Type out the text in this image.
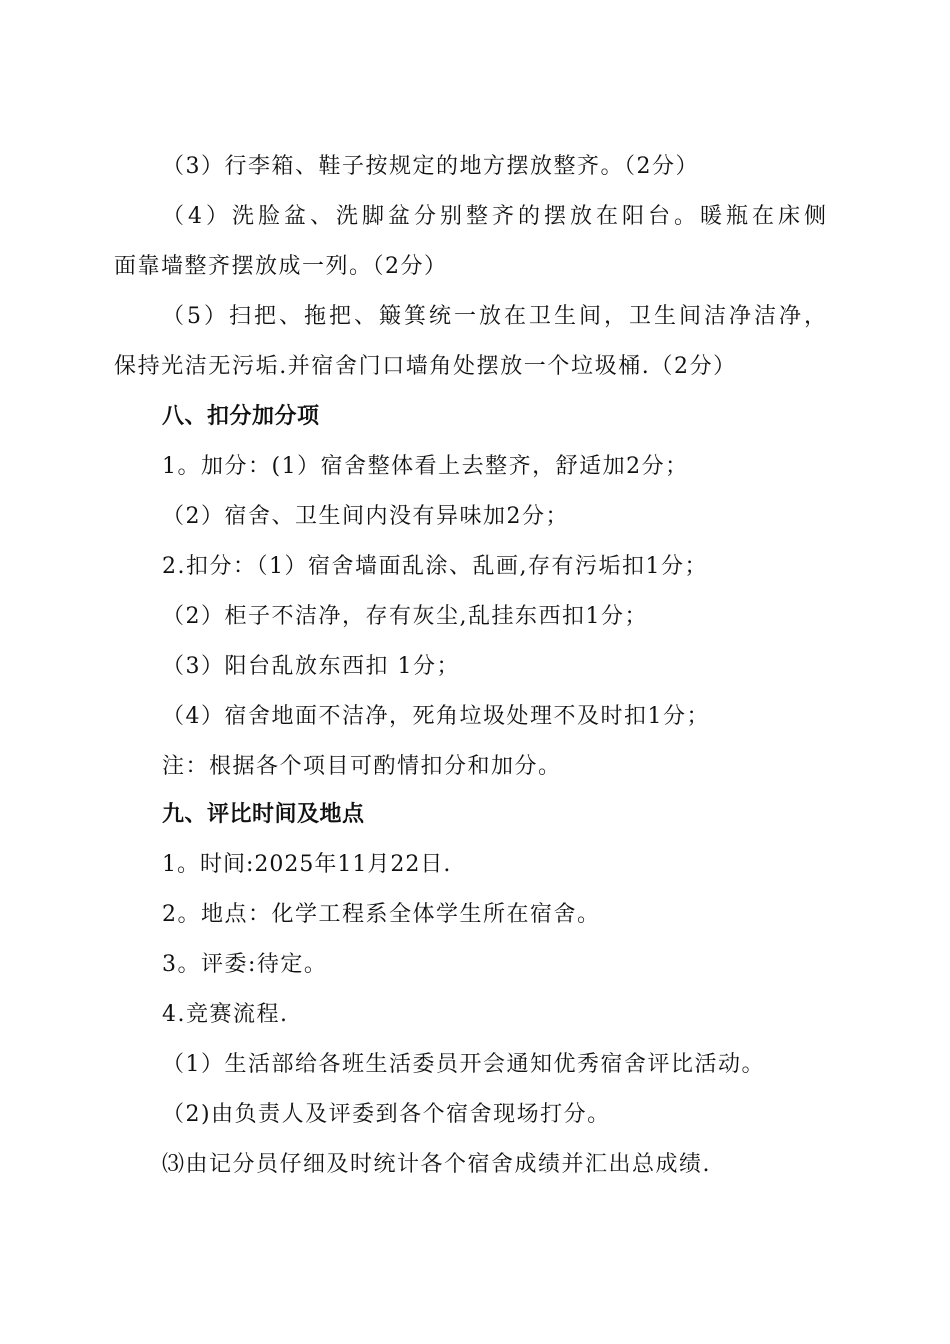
（3）行李箱、鞋子按规定的地方摆放整齐。（2分）
（4）洗脸盆、洗脚盆分别整齐的摆放在阳台。暖瓶在床侧
面靠墙整齐摆放成一列。（2分）
（5）扫把、拖把、簸箕统一放在卫生间，卫生间洁净洁净，
保持光洁无污垢.并宿舍门口墙角处摆放一个垃圾桶.（2分）
八、扣分加分项
1。加分：(1）宿舍整体看上去整齐，舒适加2分；
（2）宿舍、卫生间内没有异味加2分；
2.扣分：（1）宿舍墙面乱涂、乱画,存有污垢扣1分；
（2）柜子不洁净，存有灰尘,乱挂东西扣1分；
（3）阳台乱放东西扣 1分；
（4）宿舍地面不洁净，死角垃圾处理不及时扣1分；
注：根据各个项目可酌情扣分和加分。
九、评比时间及地点
1。时间:2025年11月22日.
2。地点：化学工程系全体学生所在宿舍。
3。评委:待定。
4.竞赛流程.
（1）生活部给各班生活委员开会通知优秀宿舍评比活动。
（2)由负责人及评委到各个宿舍现场打分。
⑶由记分员仔细及时统计各个宿舍成绩并汇出总成绩.
